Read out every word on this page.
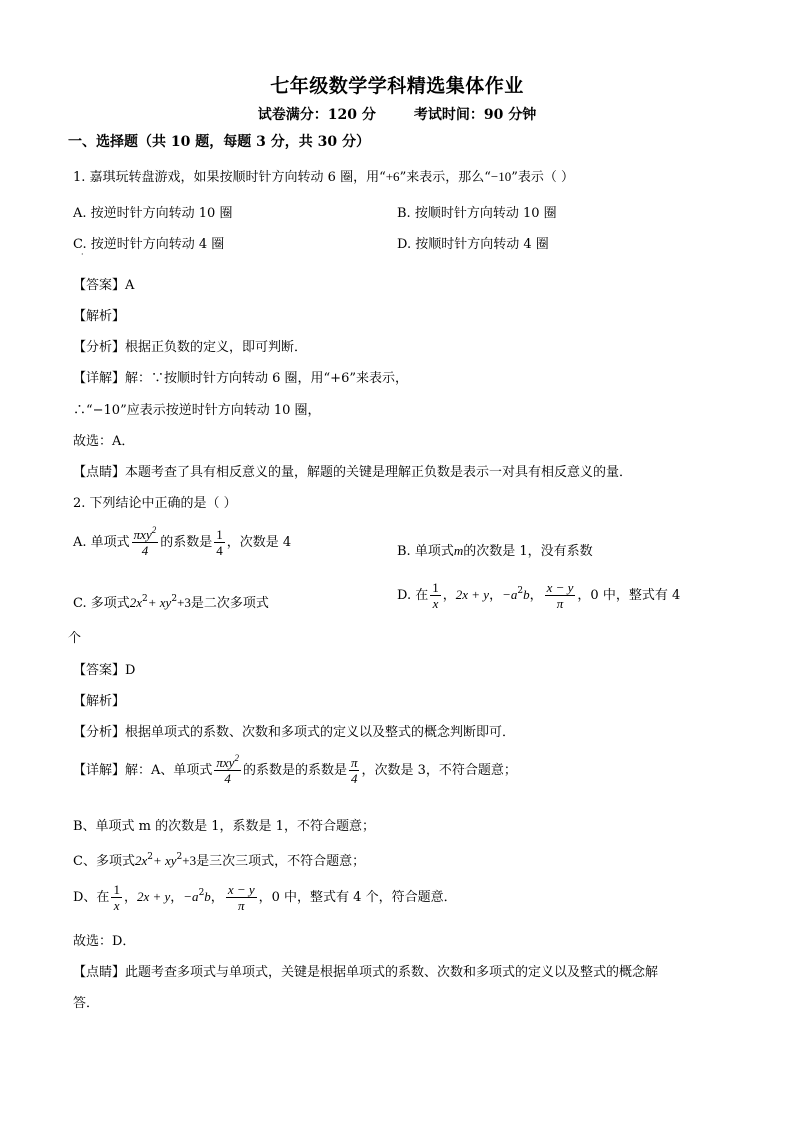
七年级数学学科精选集体作业
试卷满分：120 分	考试时间：90 分钟
一、选择题（共 10 题，每题 3 分，共 30 分）
1. 嘉琪玩转盘游戏，如果按顺时针方向转动 6 圈，用“+6”来表示，那么“−10”表示（ ）
A. 按逆时针方向转动 10 圈	B. 按顺时针方向转动 10 圈
C. 按逆时针方向转动 4 圈	D. 按顺时针方向转动 4 圈
·
【答案】A
【解析】
【分析】根据正负数的定义，即可判断．
【详解】解：∵按顺时针方向转动 6 圈，用“+6”来表示，
∴“−10”应表示按逆时针方向转动 10 圈，
故选：A．
【点睛】本题考查了具有相反意义的量，解题的关键是理解正负数是表示一对具有相反意义的量．
2. 下列结论中正确的是（ ）
A. 单项式 $\frac{\pi xy^2}{4}$ 的系数是 $\frac{1}{4}$ ，次数是 4
B. 单项式m的次数是 1，没有系数
C. 多项式$2x^2+ xy^2+3$是二次多项式
D. 在 $\frac{1}{x}$ ，2x + y，$-a^2b$， $\frac{x - y}{\pi}$ ，0 中，整式有 4
个
【答案】D
【解析】
【分析】根据单项式的系数、次数和多项式的定义以及整式的概念判断即可．
【详解】解：A、单项式 $\frac{\pi xy^2}{4}$ 的系数是的系数是 $\frac{\pi}{4}$ ，次数是 3，不符合题意；
B、单项式 m 的次数是 1，系数是 1，不符合题意；
C、多项式$2x^2+ xy^2+3$是三次三项式，不符合题意；
D、在 $\frac{1}{x}$ ，2x + y，$-a^2b$， $\frac{x - y}{\pi}$ ，0 中，整式有 4 个，符合题意．
故选：D．
【点睛】此题考查多项式与单项式，关键是根据单项式的系数、次数和多项式的定义以及整式的概念解
答．
